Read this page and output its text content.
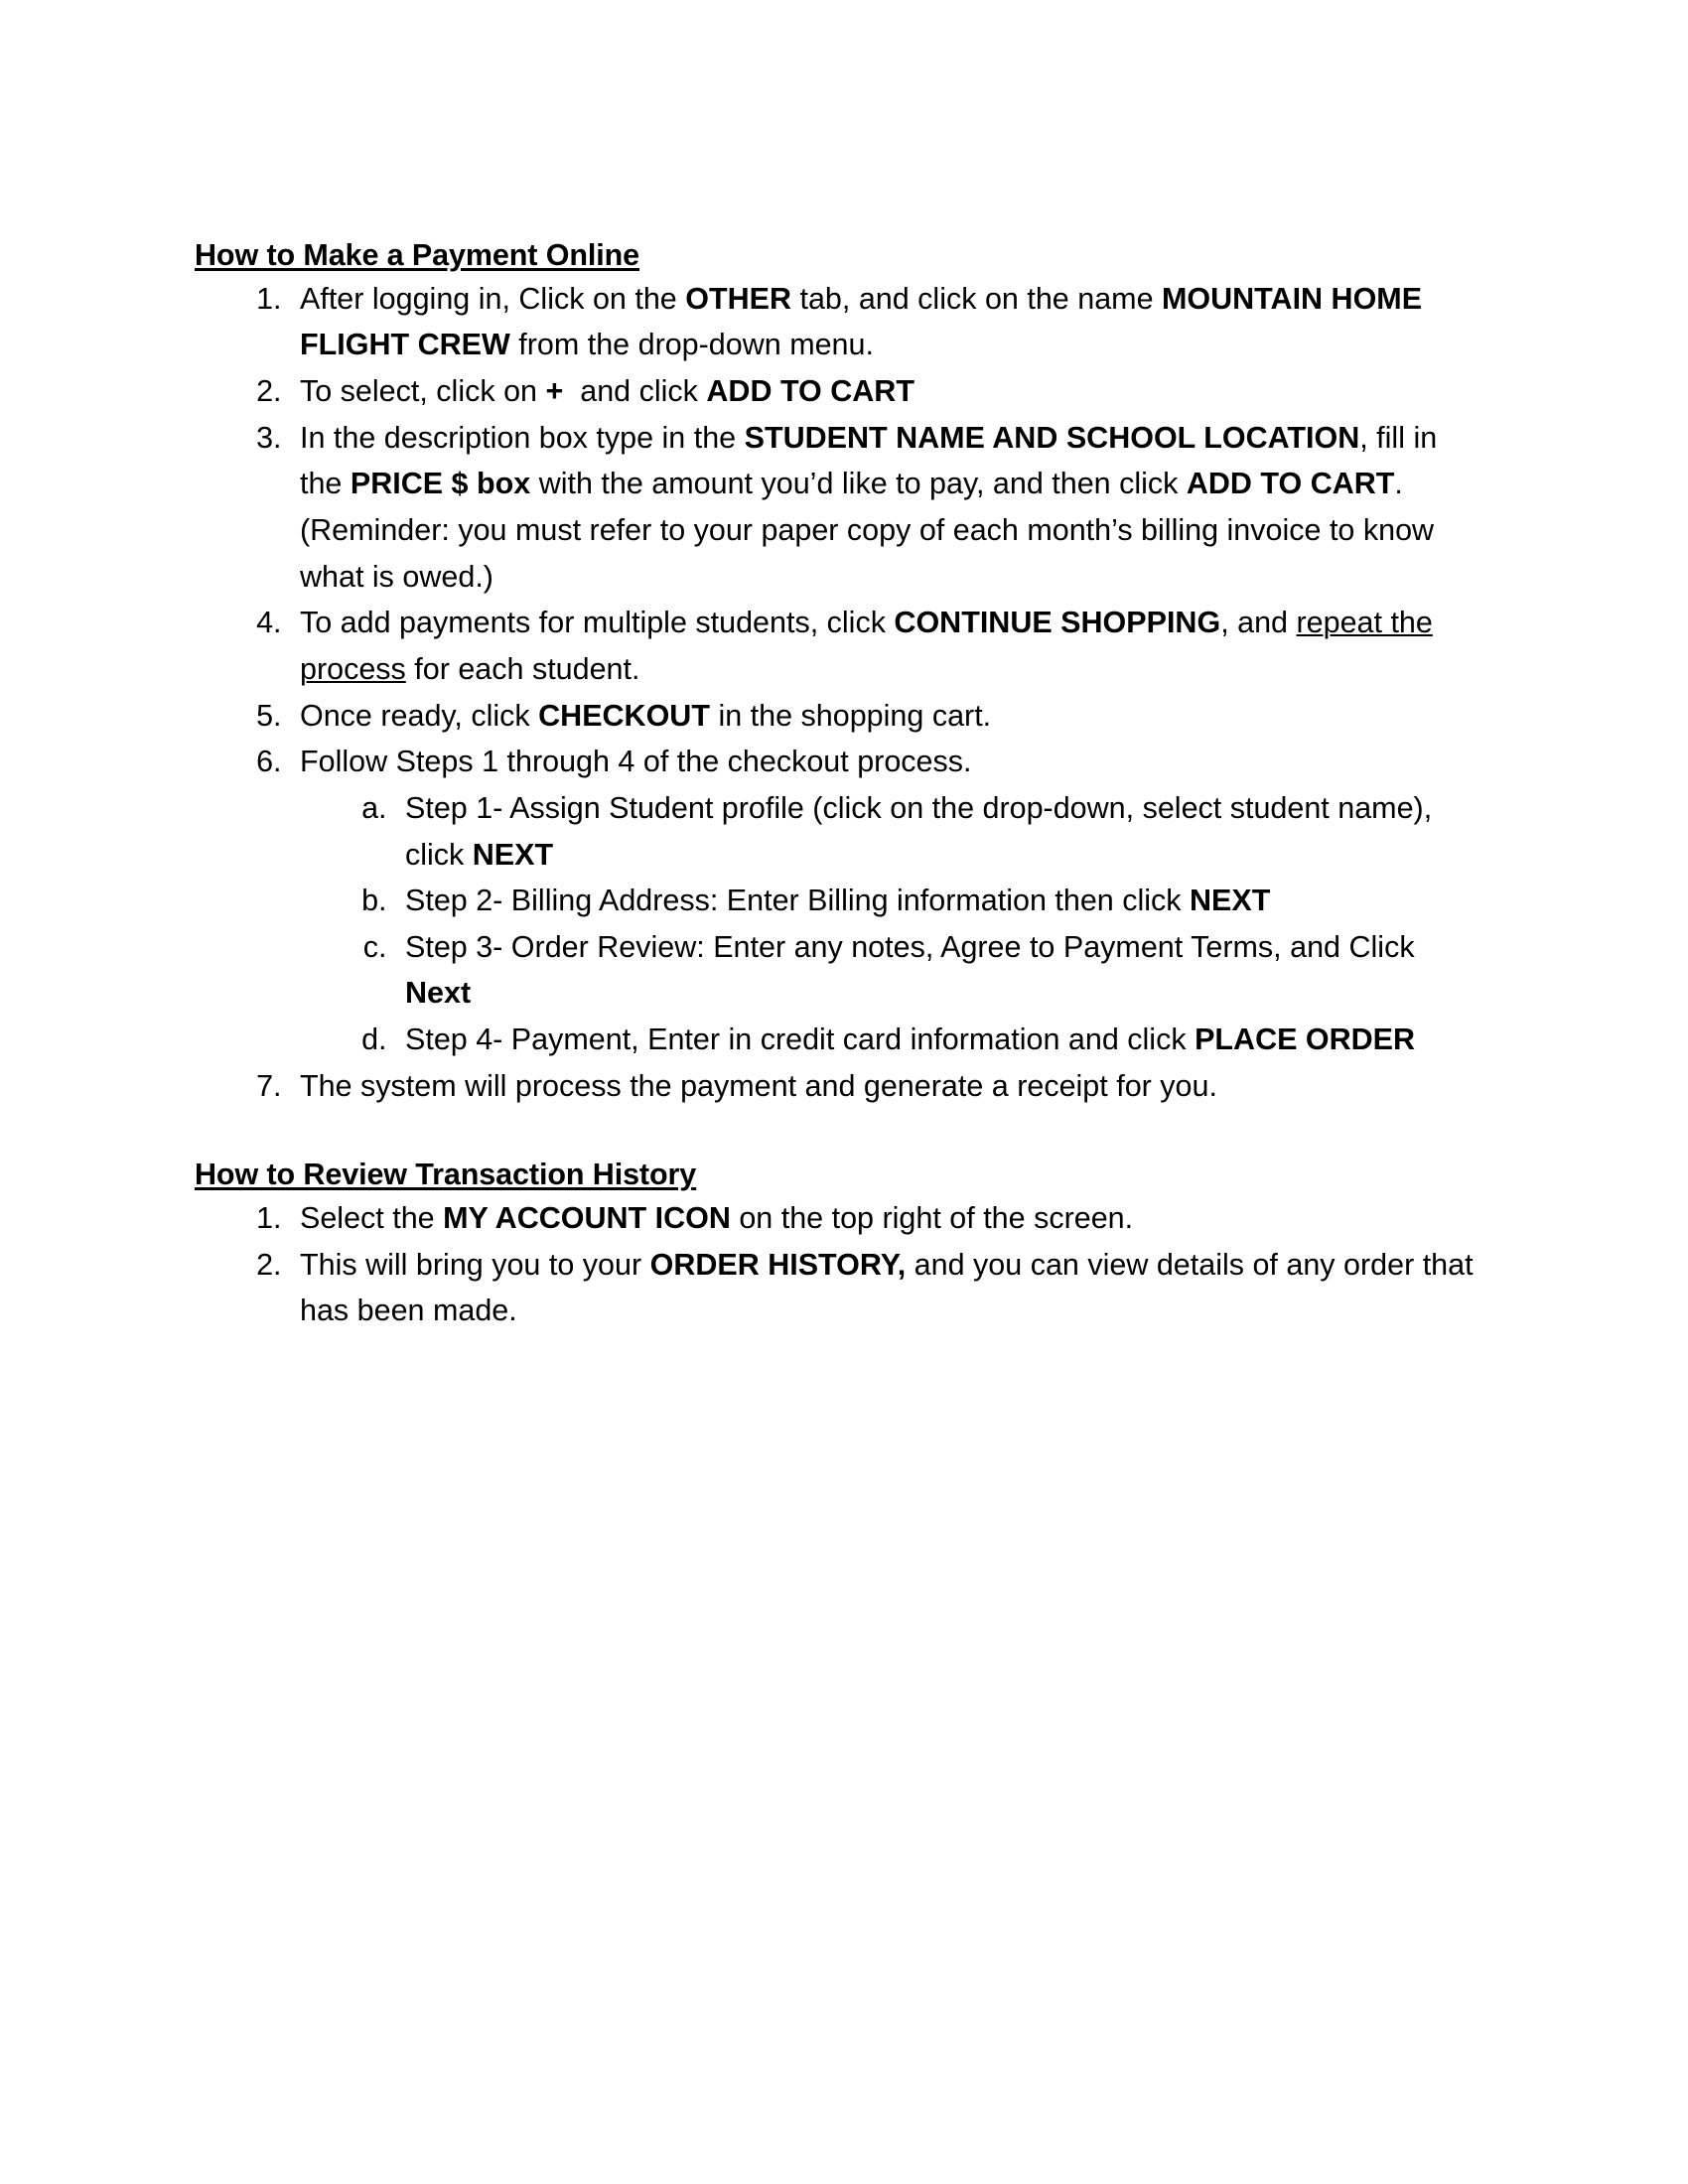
How to Make a Payment Online
1. After logging in, Click on the OTHER tab, and click on the name MOUNTAIN HOME FLIGHT CREW from the drop-down menu.
2. To select, click on +  and click ADD TO CART
3. In the description box type in the STUDENT NAME AND SCHOOL LOCATION, fill in the PRICE $ box with the amount you’d like to pay, and then click ADD TO CART. (Reminder: you must refer to your paper copy of each month’s billing invoice to know what is owed.)
4. To add payments for multiple students, click CONTINUE SHOPPING, and repeat the process for each student.
5. Once ready, click CHECKOUT in the shopping cart.
6. Follow Steps 1 through 4 of the checkout process.
a. Step 1- Assign Student profile (click on the drop-down, select student name), click NEXT
b. Step 2- Billing Address: Enter Billing information then click NEXT
c. Step 3- Order Review: Enter any notes, Agree to Payment Terms, and Click Next
d. Step 4- Payment, Enter in credit card information and click PLACE ORDER
7. The system will process the payment and generate a receipt for you.
How to Review Transaction History
1. Select the MY ACCOUNT ICON on the top right of the screen.
2. This will bring you to your ORDER HISTORY, and you can view details of any order that has been made.
